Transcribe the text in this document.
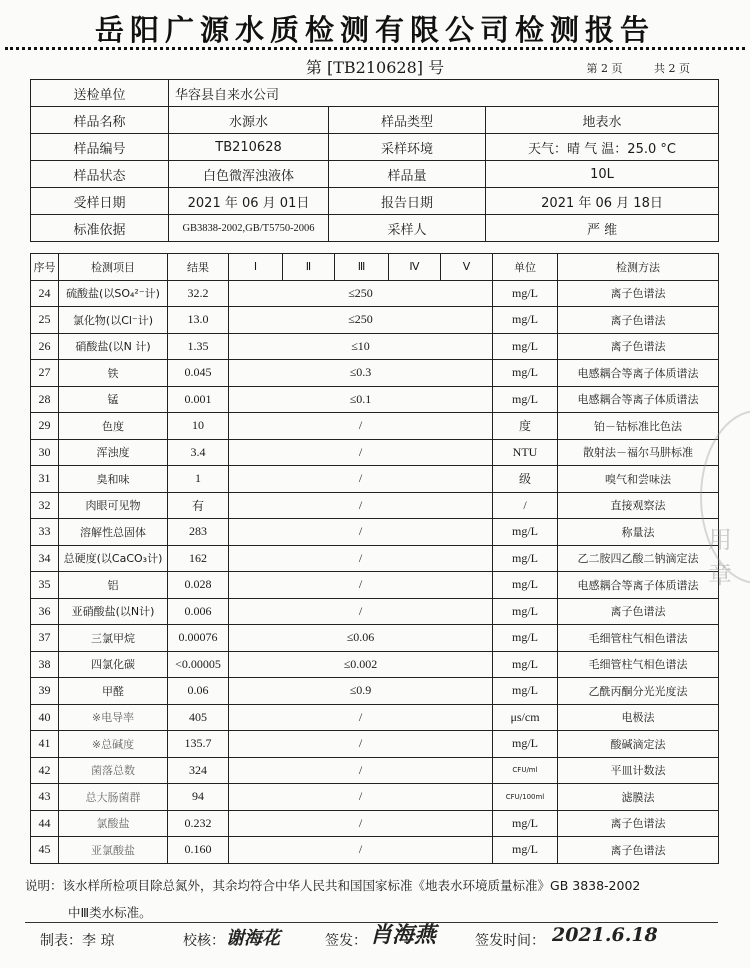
岳阳广源水质检测有限公司检测报告
第 [TB210628] 号	第 2 页	共 2 页
送检单位	华容县自来水公司		
样品名称	水源水	样品类型	地表水
样品编号	TB210628	采样环境	天气：晴 气 温：25.0 °C
样品状态	白色微浑浊液体	样品量	10L
受样日期	2021 年 06 月 01日	报告日期	2021 年 06 月 18日
标准依据	GB3838-2002,GB/T5750-2006	采样人	严 维
序号	检测项目	结果	Ⅰ	Ⅱ	Ⅲ	Ⅳ	Ⅴ	单位	检测方法
24	硫酸盐(以SO₄²⁻计)	32.2	≤250					mg/L	离子色谱法
25	氯化物(以Cl⁻计)	13.0	≤250					mg/L	离子色谱法
26	硝酸盐(以N 计)	1.35	≤10					mg/L	离子色谱法
27	铁	0.045	≤0.3					mg/L	电感耦合等离子体质谱法
28	锰	0.001	≤0.1					mg/L	电感耦合等离子体质谱法
29	色度	10	/					度	铂－钴标准比色法
30	浑浊度	3.4	/					NTU	散射法－福尔马肼标准
31	臭和味	1	/					级	嗅气和尝味法
32	肉眼可见物	有	/					/	直接观察法
33	溶解性总固体	283	/					mg/L	称量法
34	总硬度(以CaCO₃计)	162	/					mg/L	乙二胺四乙酸二钠滴定法
35	铝	0.028	/					mg/L	电感耦合等离子体质谱法
36	亚硝酸盐(以N计)	0.006	/					mg/L	离子色谱法
37	三氯甲烷	0.00076	≤0.06					mg/L	毛细管柱气相色谱法
38	四氯化碳	<0.00005	≤0.002					mg/L	毛细管柱气相色谱法
39	甲醛	0.06	≤0.9					mg/L	乙酰丙酮分光光度法
40	※电导率	405	/					μs/cm	电极法
41	※总碱度	135.7	/					mg/L	酸碱滴定法
42	菌落总数	324	/					CFU/ml	平皿计数法
43	总大肠菌群	94	/					CFU/100ml	滤膜法
44	氯酸盐	0.232	/					mg/L	离子色谱法
45	亚氯酸盐	0.160	/					mg/L	离子色谱法
说明：该水样所检项目除总氮外，其余均符合中华人民共和国国家标准《地表水环境质量标准》GB 3838-2002
中Ⅲ类水标准。
制表：李 琼	校核： 谢海花	签发： 肖海燕	签发时间： 2021.6.18
用章
